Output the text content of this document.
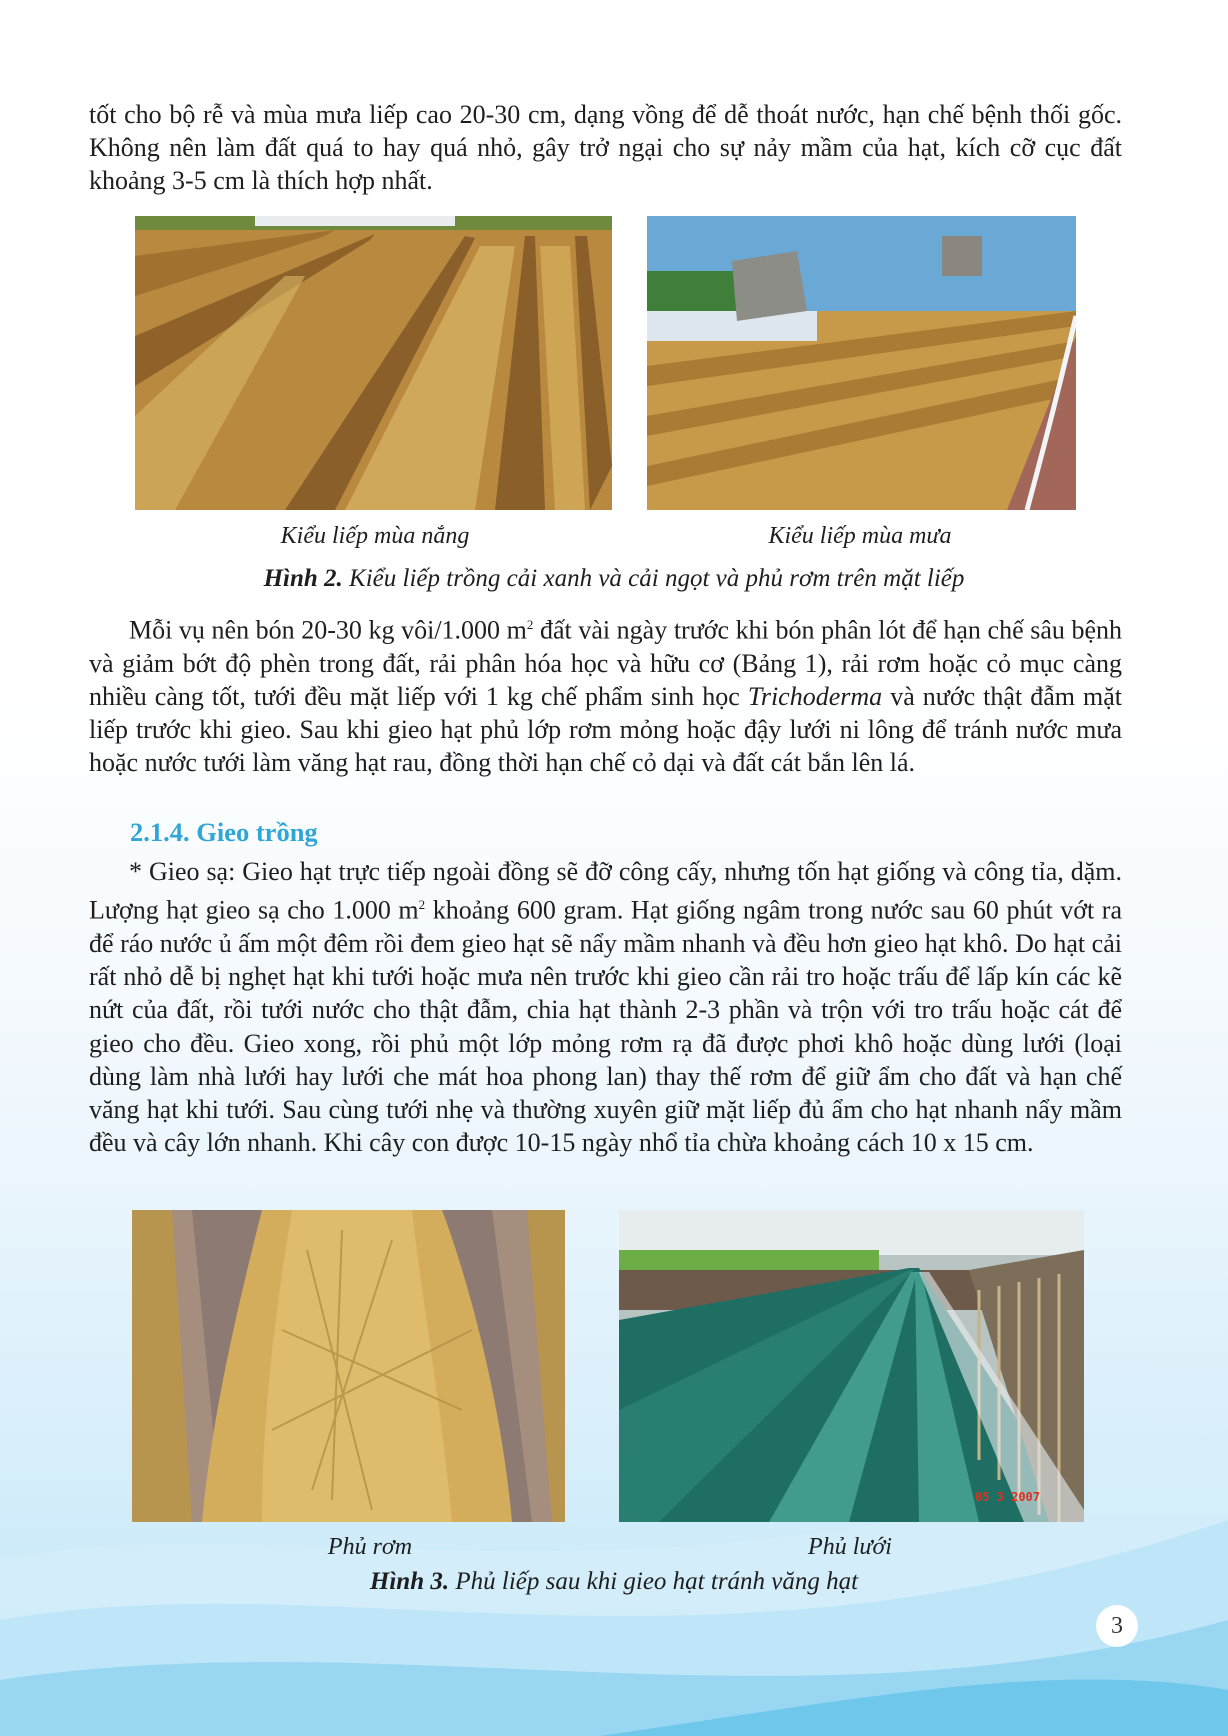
tốt cho bộ rễ và mùa mưa liếp cao 20-30 cm, dạng vồng để dễ thoát nước, hạn chế bệnh thối gốc. Không nên làm đất quá to hay quá nhỏ, gây trở ngại cho sự nảy mầm của hạt, kích cỡ cục đất khoảng 3-5 cm là thích hợp nhất.

Kiểu liếp mùa nắng	Kiểu liếp mùa mưa

Hình 2. Kiểu liếp trồng cải xanh và cải ngọt và phủ rơm trên mặt liếp

Mỗi vụ nên bón 20-30 kg vôi/1.000 $m^2$ đất vài ngày trước khi bón phân lót để hạn chế sâu bệnh và giảm bớt độ phèn trong đất, rải phân hóa học và hữu cơ (Bảng 1), rải rơm hoặc cỏ mục càng nhiều càng tốt, tưới đều mặt liếp với 1 kg chế phẩm sinh học Trichoderma và nước thật đẫm mặt liếp trước khi gieo. Sau khi gieo hạt phủ lớp rơm mỏng hoặc đậy lưới ni lông để tránh nước mưa hoặc nước tưới làm văng hạt rau, đồng thời hạn chế cỏ dại và đất cát bắn lên lá.

2.1.4. Gieo trồng

* Gieo sạ: Gieo hạt trực tiếp ngoài đồng sẽ đỡ công cấy, nhưng tốn hạt giống và công tỉa, dặm. Lượng hạt gieo sạ cho 1.000 $m^2$ khoảng 600 gram. Hạt giống ngâm trong nước sau 60 phút vớt ra để ráo nước ủ ấm một đêm rồi đem gieo hạt sẽ nẩy mầm nhanh và đều hơn gieo hạt khô. Do hạt cải rất nhỏ dễ bị nghẹt hạt khi tưới hoặc mưa nên trước khi gieo cần rải tro hoặc trấu để lấp kín các kẽ nứt của đất, rồi tưới nước cho thật đẫm, chia hạt thành 2-3 phần và trộn với tro trấu hoặc cát để gieo cho đều. Gieo xong, rồi phủ một lớp mỏng rơm rạ đã được phơi khô hoặc dùng lưới (loại dùng làm nhà lưới hay lưới che mát hoa phong lan) thay thế rơm để giữ ẩm cho đất và hạn chế văng hạt khi tưới. Sau cùng tưới nhẹ và thường xuyên giữ mặt liếp đủ ẩm cho hạt nhanh nẩy mầm đều và cây lớn nhanh. Khi cây con được 10-15 ngày nhổ tỉa chừa khoảng cách 10 x 15 cm.

05 3 2007

Phủ rơm	Phủ lưới

Hình 3. Phủ liếp sau khi gieo hạt tránh văng hạt

3
